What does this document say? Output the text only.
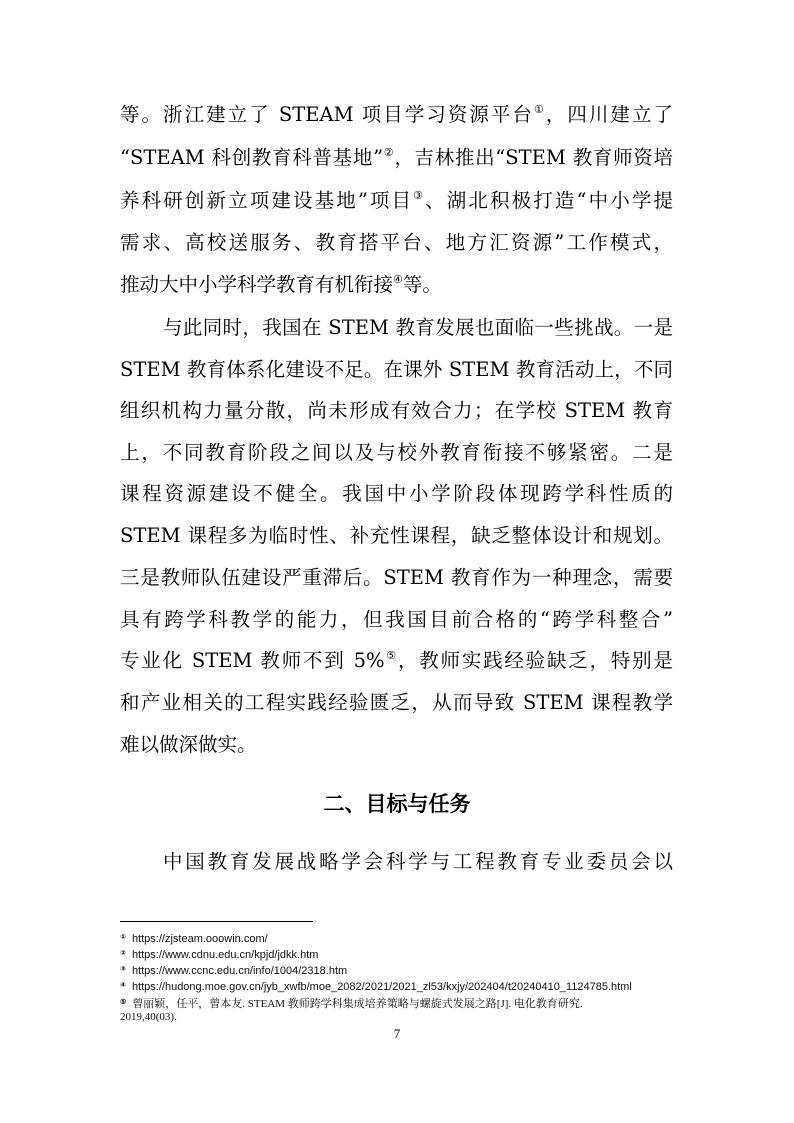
等。浙江建立了 STEAM 项目学习资源平台①，四川建立了
“STEAM 科创教育科普基地”②，吉林推出“STEM 教育师资培
养科研创新立项建设基地”项目③、湖北积极打造“中小学提
需求、高校送服务、教育搭平台、地方汇资源”工作模式，
推动大中小学科学教育有机衔接④等。
与此同时，我国在 STEM 教育发展也面临一些挑战。一是
STEM 教育体系化建设不足。在课外 STEM 教育活动上，不同
组织机构力量分散，尚未形成有效合力；在学校 STEM 教育
上，不同教育阶段之间以及与校外教育衔接不够紧密。二是
课程资源建设不健全。我国中小学阶段体现跨学科性质的
STEM 课程多为临时性、补充性课程，缺乏整体设计和规划。
三是教师队伍建设严重滞后。STEM 教育作为一种理念，需要
具有跨学科教学的能力，但我国目前合格的“跨学科整合”
专业化 STEM 教师不到 5%⑤，教师实践经验缺乏，特别是
和产业相关的工程实践经验匮乏，从而导致 STEM 课程教学
难以做深做实。
二、目标与任务
中国教育发展战略学会科学与工程教育专业委员会以
① https://zjsteam.ooowin.com/
② https://www.cdnu.edu.cn/kpjd/jdkk.htm
③ https://www.ccnc.edu.cn/info/1004/2318.htm
④ https://hudong.moe.gov.cn/jyb_xwfb/moe_2082/2021/2021_zl53/kxjy/202404/t20240410_1124785.html
⑤ 曾丽颖，任平，曾本友. STEAM 教师跨学科集成培养策略与螺旋式发展之路[J]. 电化教育研究.
2019,40(03).
7
